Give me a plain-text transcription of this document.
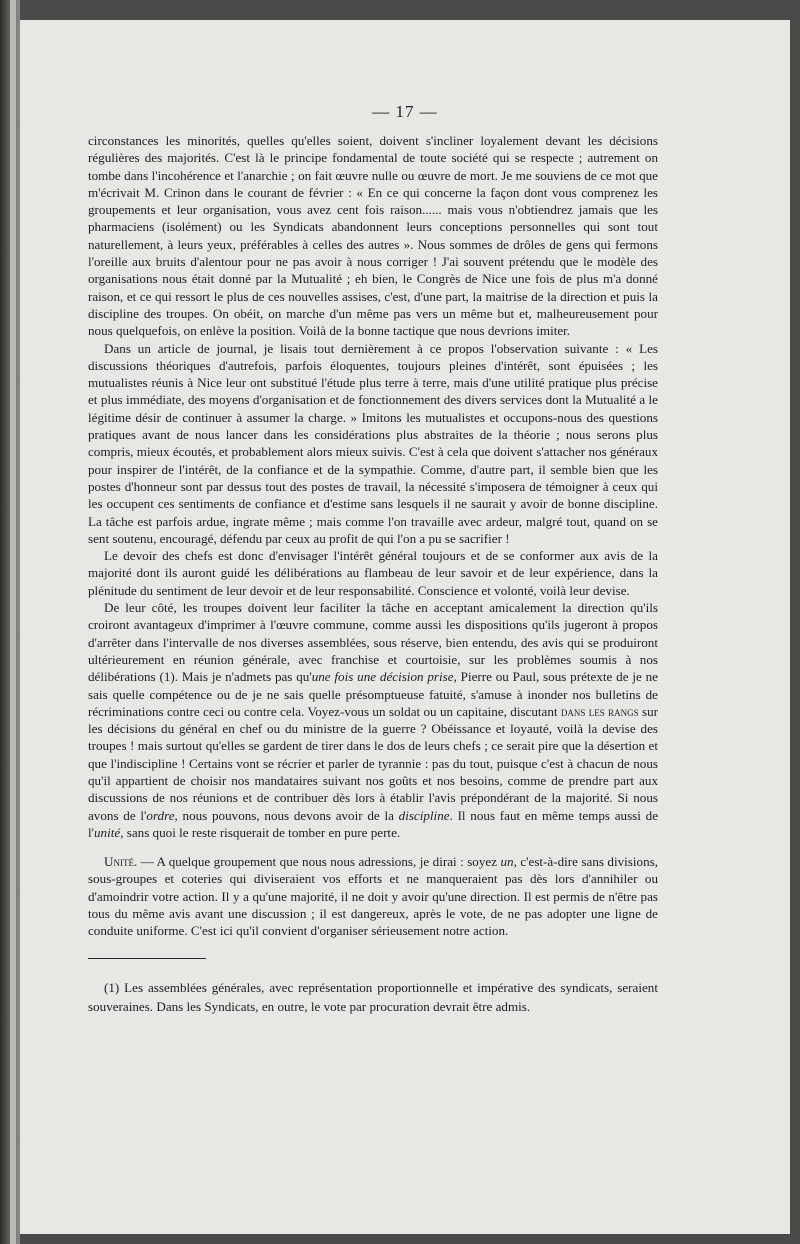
— 17 —

circonstances les minorités, quelles qu'elles soient, doivent s'incliner loyalement devant les décisions régulières des majorités. C'est là le principe fondamental de toute société qui se respecte ; autrement on tombe dans l'incohérence et l'anarchie ; on fait œuvre nulle ou œuvre de mort. Je me souviens de ce mot que m'écrivait M. Crinon dans le courant de février : « En ce qui concerne la façon dont vous comprenez les groupements et leur organisation, vous avez cent fois raison...... mais vous n'obtiendrez jamais que les pharmaciens (isolément) ou les Syndicats abandonnent leurs conceptions personnelles qui sont tout naturellement, à leurs yeux, préférables à celles des autres ». Nous sommes de drôles de gens qui fermons l'oreille aux bruits d'alentour pour ne pas avoir à nous corriger ! J'ai souvent prétendu que le modèle des organisations nous était donné par la Mutualité ; eh bien, le Congrès de Nice une fois de plus m'a donné raison, et ce qui ressort le plus de ces nouvelles assises, c'est, d'une part, la maitrise de la direction et puis la discipline des troupes. On obéit, on marche d'un même pas vers un même but et, malheureusement pour nous quelquefois, on enlève la position. Voilà de la bonne tactique que nous devrions imiter.

Dans un article de journal, je lisais tout dernièrement à ce propos l'observation suivante : « Les discussions théoriques d'autrefois, parfois éloquentes, toujours pleines d'intérêt, sont épuisées ; les mutualistes réunis à Nice leur ont substitué l'étude plus terre à terre, mais d'une utilité pratique plus précise et plus immédiate, des moyens d'organisation et de fonctionnement des divers services dont la Mutualité a le légitime désir de continuer à assumer la charge. » Imitons les mutualistes et occupons-nous des questions pratiques avant de nous lancer dans les considérations plus abstraites de la théorie ; nous serons plus compris, mieux écoutés, et probablement alors mieux suivis. C'est à cela que doivent s'attacher nos généraux pour inspirer de l'intérêt, de la confiance et de la sympathie. Comme, d'autre part, il semble bien que les postes d'honneur sont par dessus tout des postes de travail, la nécessité s'imposera de témoigner à ceux qui les occupent ces sentiments de confiance et d'estime sans lesquels il ne saurait y avoir de bonne discipline. La tâche est parfois ardue, ingrate même ; mais comme l'on travaille avec ardeur, malgré tout, quand on se sent soutenu, encouragé, défendu par ceux au profit de qui l'on a pu se sacrifier !

Le devoir des chefs est donc d'envisager l'intérêt général toujours et de se conformer aux avis de la majorité dont ils auront guidé les délibérations au flambeau de leur savoir et de leur expérience, dans la plénitude du sentiment de leur devoir et de leur responsabilité. Conscience et volonté, voilà leur devise.

De leur côté, les troupes doivent leur faciliter la tâche en acceptant amicalement la direction qu'ils croiront avantageux d'imprimer à l'œuvre commune, comme aussi les dispositions qu'ils jugeront à propos d'arrêter dans l'intervalle de nos diverses assemblées, sous réserve, bien entendu, des avis qui se produiront ultérieurement en réunion générale, avec franchise et courtoisie, sur les problèmes soumis à nos délibérations (1). Mais je n'admets pas qu'une fois une décision prise, Pierre ou Paul, sous prétexte de je ne sais quelle compétence ou de je ne sais quelle présomptueuse fatuité, s'amuse à inonder nos bulletins de récriminations contre ceci ou contre cela. Voyez-vous un soldat ou un capitaine, discutant dans les rangs sur les décisions du général en chef ou du ministre de la guerre ? Obéissance et loyauté, voilà la devise des troupes ! mais surtout qu'elles se gardent de tirer dans le dos de leurs chefs ; ce serait pire que la désertion et que l'indiscipline ! Certains vont se récrier et parler de tyrannie : pas du tout, puisque c'est à chacun de nous qu'il appartient de choisir nos mandataires suivant nos goûts et nos besoins, comme de prendre part aux discussions de nos réunions et de contribuer dès lors à établir l'avis prépondérant de la majorité. Si nous avons de l'ordre, nous pouvons, nous devons avoir de la discipline. Il nous faut en même temps aussi de l'unité, sans quoi le reste risquerait de tomber en pure perte.

Unité. — A quelque groupement que nous nous adressions, je dirai : soyez un, c'est-à-dire sans divisions, sous-groupes et coteries qui diviseraient vos efforts et ne manqueraient pas dès lors d'annihiler ou d'amoindrir votre action. Il y a qu'une majorité, il ne doit y avoir qu'une direction. Il est permis de n'être pas tous du même avis avant une discussion ; il est dangereux, après le vote, de ne pas adopter une ligne de conduite uniforme. C'est ici qu'il convient d'organiser sérieusement notre action.

(1) Les assemblées générales, avec représentation proportionnelle et impérative des syndicats, seraient souveraines. Dans les Syndicats, en outre, le vote par procuration devrait être admis.
